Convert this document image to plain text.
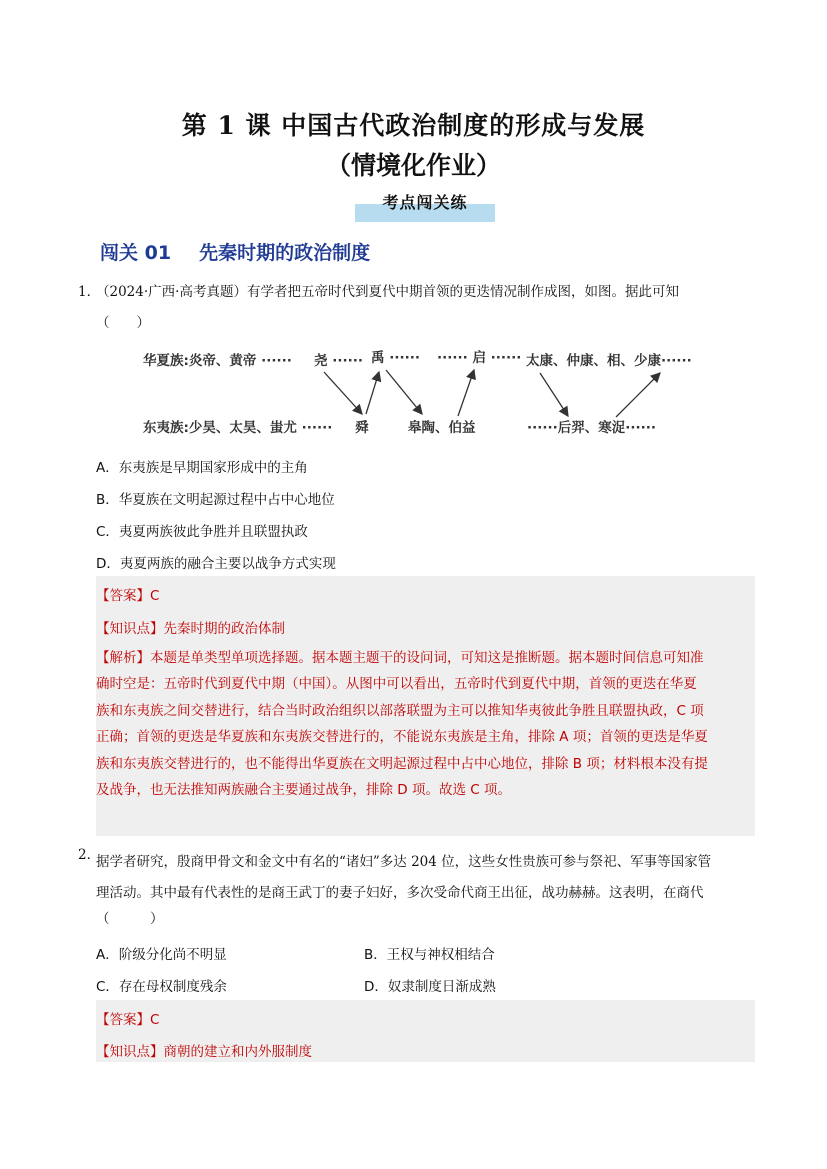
第 1 课 中国古代政治制度的形成与发展
（情境化作业）
考点闯关练
闯关 01 先秦时期的政治制度
1．
（2024·广西·高考真题）有学者把五帝时代到夏代中期首领的更迭情况制作成图，如图。据此可知
（　　）
华夏族:炎帝、黄帝 ······ 尧 ······ 禹 ······ ······ 启 ······ 太康、仲康、相、少康······
东夷族:少昊、太昊、蚩尤 ······ 舜	皋陶、伯益	······后羿、寒浞······
A．东夷族是早期国家形成中的主角
B．华夏族在文明起源过程中占中心地位
C．夷夏两族彼此争胜并且联盟执政
D．夷夏两族的融合主要以战争方式实现
【答案】C
【知识点】先秦时期的政治体制
【解析】本题是单类型单项选择题。据本题主题干的设问词，可知这是推断题。据本题时间信息可知准
确时空是：五帝时代到夏代中期（中国）。从图中可以看出，五帝时代到夏代中期，首领的更迭在华夏
族和东夷族之间交替进行，结合当时政治组织以部落联盟为主可以推知华夷彼此争胜且联盟执政，C 项
正确；首领的更迭是华夏族和东夷族交替进行的，不能说东夷族是主角，排除 A 项；首领的更迭是华夏
族和东夷族交替进行的，也不能得出华夏族在文明起源过程中占中心地位，排除 B 项；材料根本没有提
及战争，也无法推知两族融合主要通过战争，排除 D 项。故选 C 项。
2．
据学者研究，殷商甲骨文和金文中有名的“诸妇”多达 204 位，这些女性贵族可参与祭祀、军事等国家管
理活动。其中最有代表性的是商王武丁的妻子妇好，多次受命代商王出征，战功赫赫。这表明，在商代
（　　　）
A．阶级分化尚不明显	B．王权与神权相结合
C．存在母权制度残余	D．奴隶制度日渐成熟
【答案】C
【知识点】商朝的建立和内外服制度
